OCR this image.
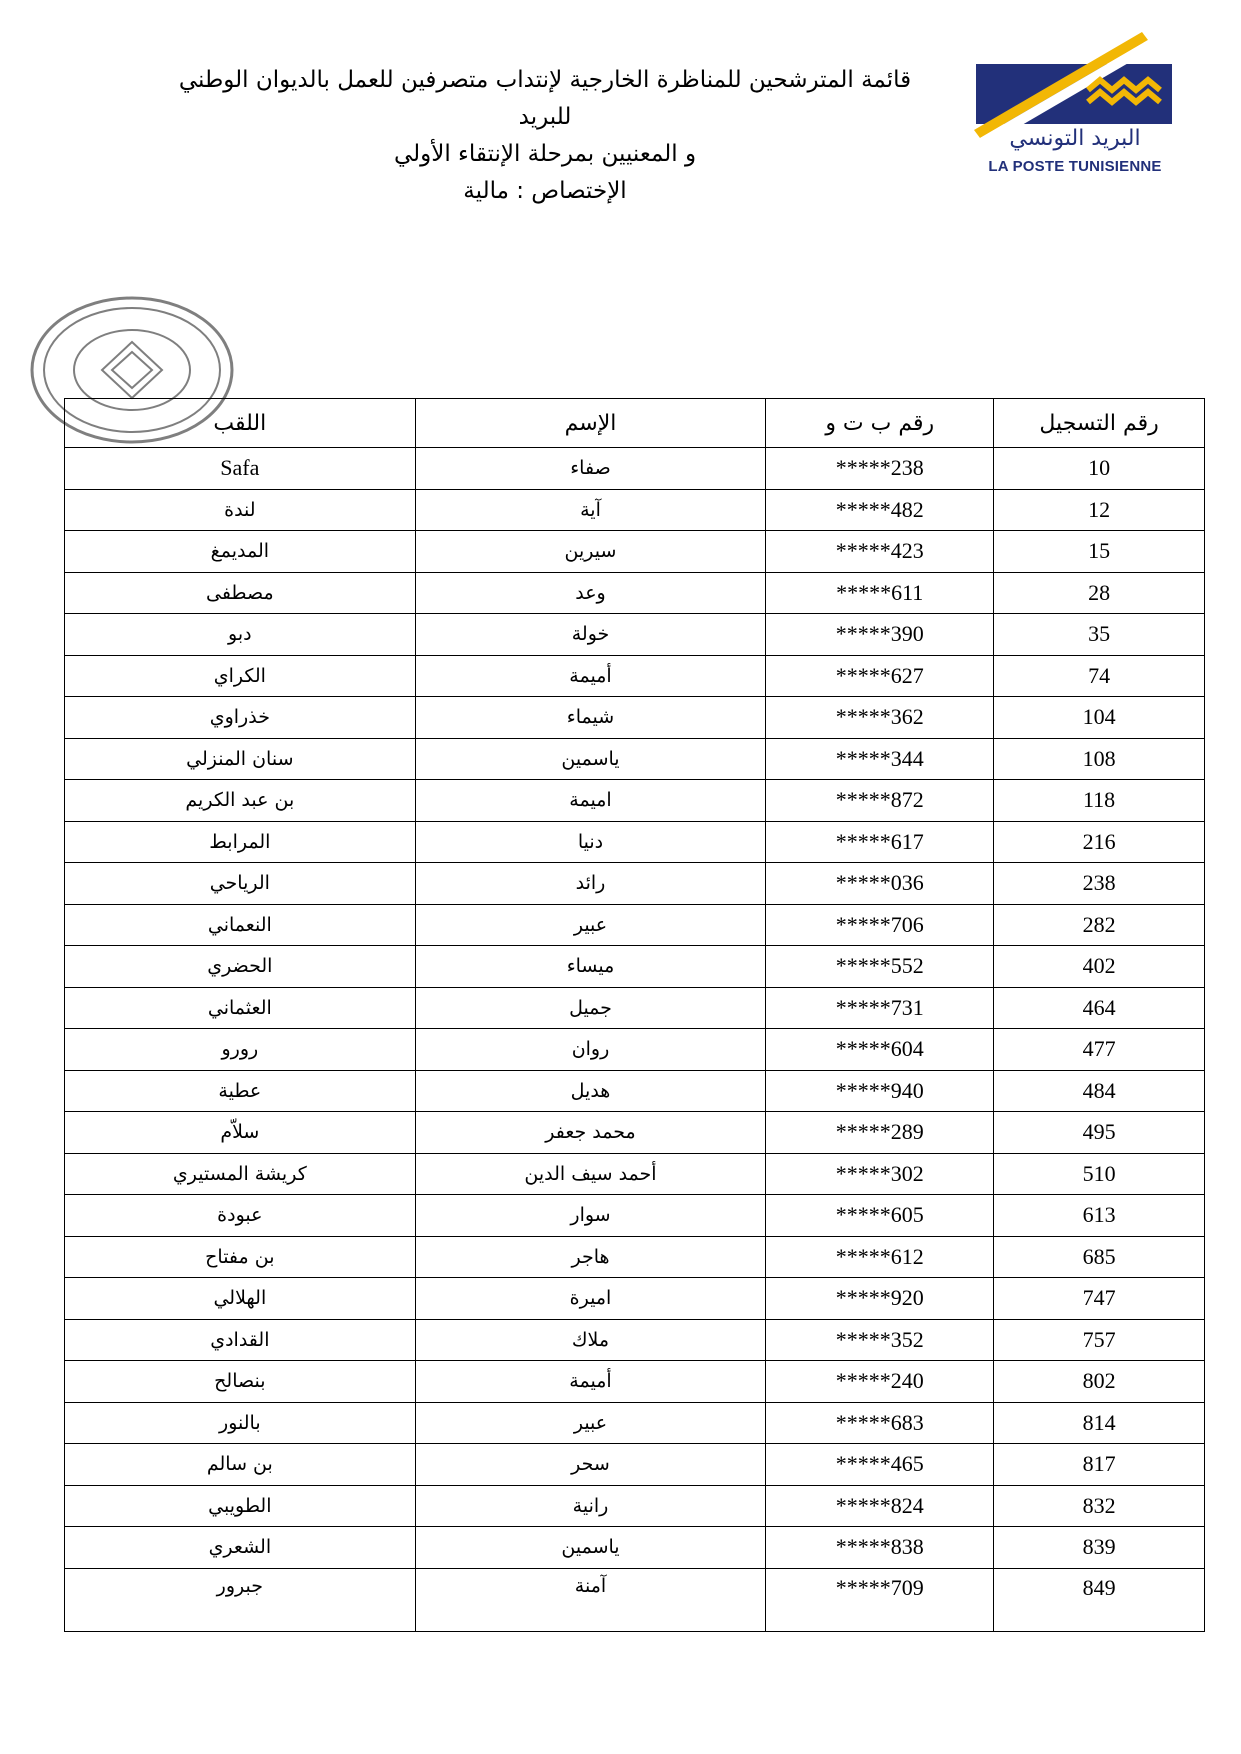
قائمة المترشحين للمناظرة الخارجية لإنتداب متصرفين للعمل بالديوان الوطني
للبريد
و المعنيين بمرحلة الإنتقاء الأولي
الإختصاص : مالية
البريد التونسي
LA POSTE TUNISIENNE
اللقب	الإسم	رقم ب ت و	رقم التسجيل
Safa	صفاء	*****238	10
لندة	آية	*****482	12
المديمغ	سيرين	*****423	15
مصطفى	وعد	*****611	28
دبو	خولة	*****390	35
الكراي	أميمة	*****627	74
خذراوي	شيماء	*****362	104
سنان المنزلي	ياسمين	*****344	108
بن عبد الكريم	اميمة	*****872	118
المرابط	دنيا	*****617	216
الرياحي	رائد	*****036	238
النعماني	عبير	*****706	282
الحضري	ميساء	*****552	402
العثماني	جميل	*****731	464
رورو	روان	*****604	477
عطية	هديل	*****940	484
سلاّم	محمد جعفر	*****289	495
كريشة المستيري	أحمد سيف الدين	*****302	510
عبودة	سوار	*****605	613
بن مفتاح	هاجر	*****612	685
الهلالي	اميرة	*****920	747
القدادي	ملاك	*****352	757
بنصالح	أميمة	*****240	802
بالنور	عبير	*****683	814
بن سالم	سحر	*****465	817
الطويبي	رانية	*****824	832
الشعري	ياسمين	*****838	839
جبرور	آمنة	*****709	849
